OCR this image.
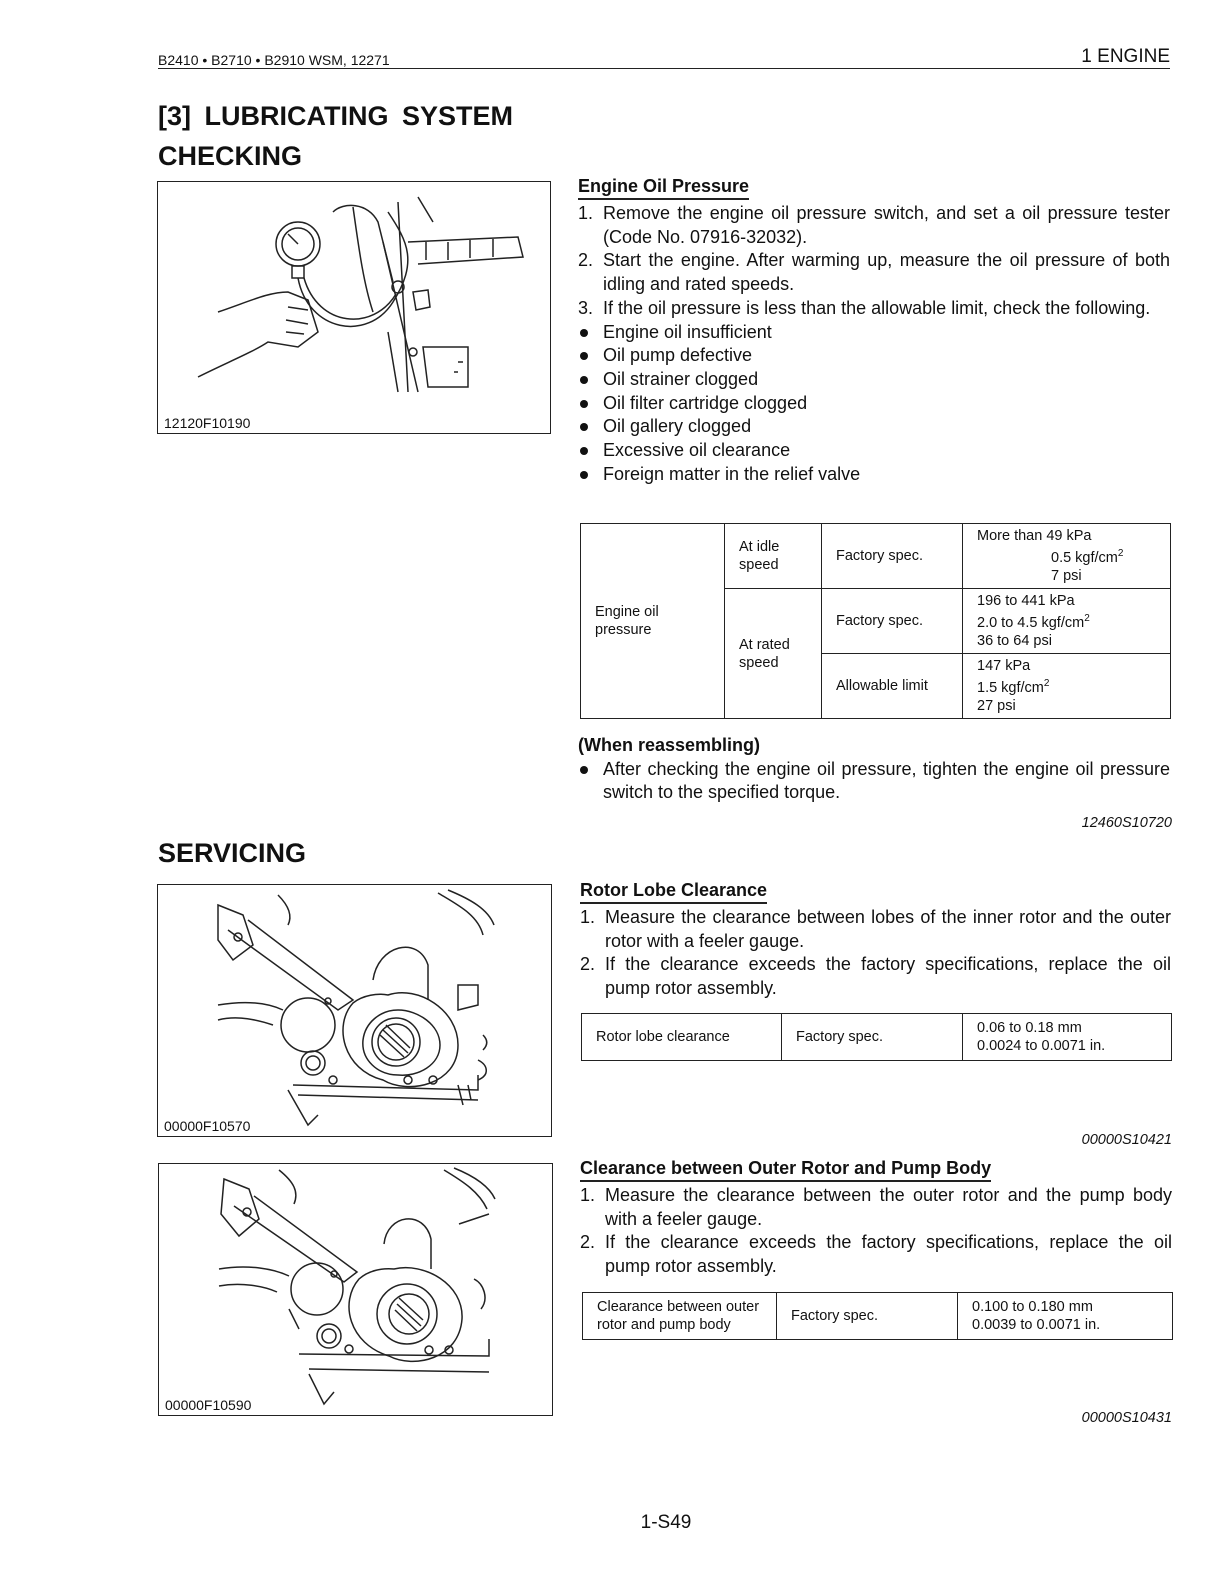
B2410 • B2710 • B2910 WSM, 12271	1 ENGINE
[3] LUBRICATING SYSTEM
CHECKING
12120F10190
Engine Oil Pressure
1. Remove the engine oil pressure switch, and set a oil pressure tester (Code No. 07916-32032).
2. Start the engine. After warming up, measure the oil pressure of both idling and rated speeds.
3. If the oil pressure is less than the allowable limit, check the following.
Engine oil insufficient
Oil pump defective
Oil strainer clogged
Oil filter cartridge clogged
Oil gallery clogged
Excessive oil clearance
Foreign matter in the relief valve
Engine oil pressure	At idle speed	Factory spec.	More than 49 kPa
0.5 kgf/$cm^2$
7 psi

	At rated speed	Factory spec.	196 to 441 kPa
2.0 to 4.5 kgf/$cm^2$
36 to 64 psi

		Allowable limit	147 kPa
1.5 kgf/$cm^2$
27 psi
(When reassembling)
After checking the engine oil pressure, tighten the engine oil pressure switch to the specified torque.
12460S10720
SERVICING
00000F10570
Rotor Lobe Clearance
1. Measure the clearance between lobes of the inner rotor and the outer rotor with a feeler gauge.
2. If the clearance exceeds the factory specifications, replace the oil pump rotor assembly.
Rotor lobe clearance	Factory spec.	
0.06 to 0.18 mm
0.0024 to 0.0071 in.
00000S10421
00000F10590
Clearance between Outer Rotor and Pump Body
1. Measure the clearance between the outer rotor and the pump body with a feeler gauge.
2. If the clearance exceeds the factory specifications, replace the oil pump rotor assembly.
Clearance between outer rotor and pump body	Factory spec.	
0.100 to 0.180 mm
0.0039 to 0.0071 in.
00000S10431
1-S49
